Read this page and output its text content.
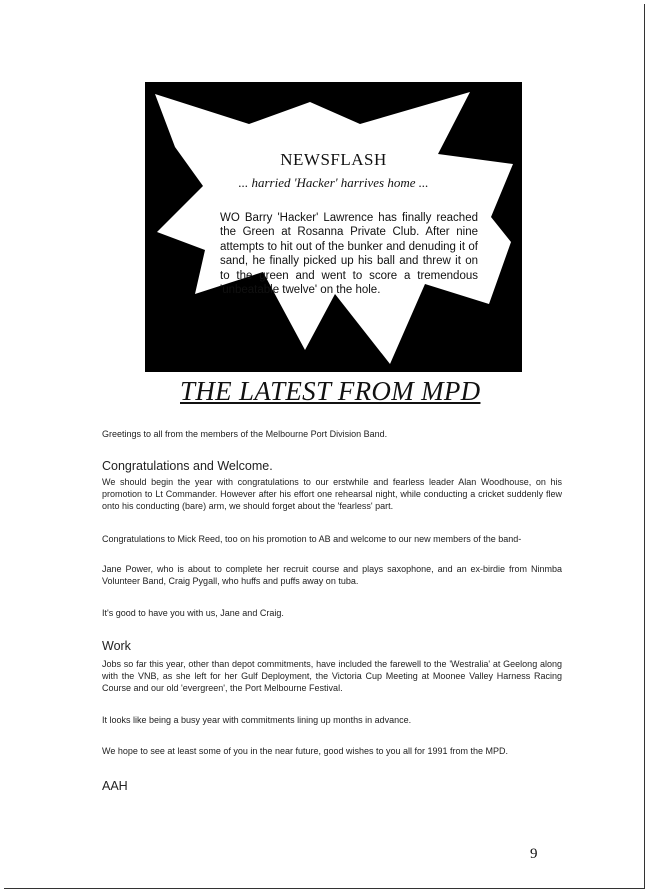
NEWSFLASH
... harried 'Hacker' harrives home ...
WO Barry 'Hacker' Lawrence has finally reached the Green at Rosanna Private Club. After nine attempts to hit out of the bunker and denuding it of sand, he finally picked up his ball and threw it on to the green and went to score a tremendous 'unbeatable twelve' on the hole.
THE LATEST FROM MPD
Greetings to all from the members of the Melbourne Port Division Band.
Congratulations and Welcome.
We should begin the year with congratulations to our erstwhile and fearless leader Alan Woodhouse, on his promotion to Lt Commander. However after his effort one rehearsal night, while conducting a cricket suddenly flew onto his conducting (bare) arm, we should forget about the 'fearless' part.
Congratulations to Mick Reed, too on his promotion to AB and welcome to our new members of the band-
Jane Power, who is about to complete her recruit course and plays saxophone, and an ex-birdie from Ninmba Volunteer Band, Craig Pygall, who huffs and puffs away on tuba.
It's good to have you with us, Jane and Craig.
Work
Jobs so far this year, other than depot commitments, have included the farewell to the 'Westralia' at Geelong along with the VNB, as she left for her Gulf Deployment, the Victoria Cup Meeting at Moonee Valley Harness Racing Course and our old 'evergreen', the Port Melbourne Festival.
It looks like being a busy year with commitments lining up months in advance.
We hope to see at least some of you in the near future, good wishes to you all for 1991 from the MPD.
AAH
9
